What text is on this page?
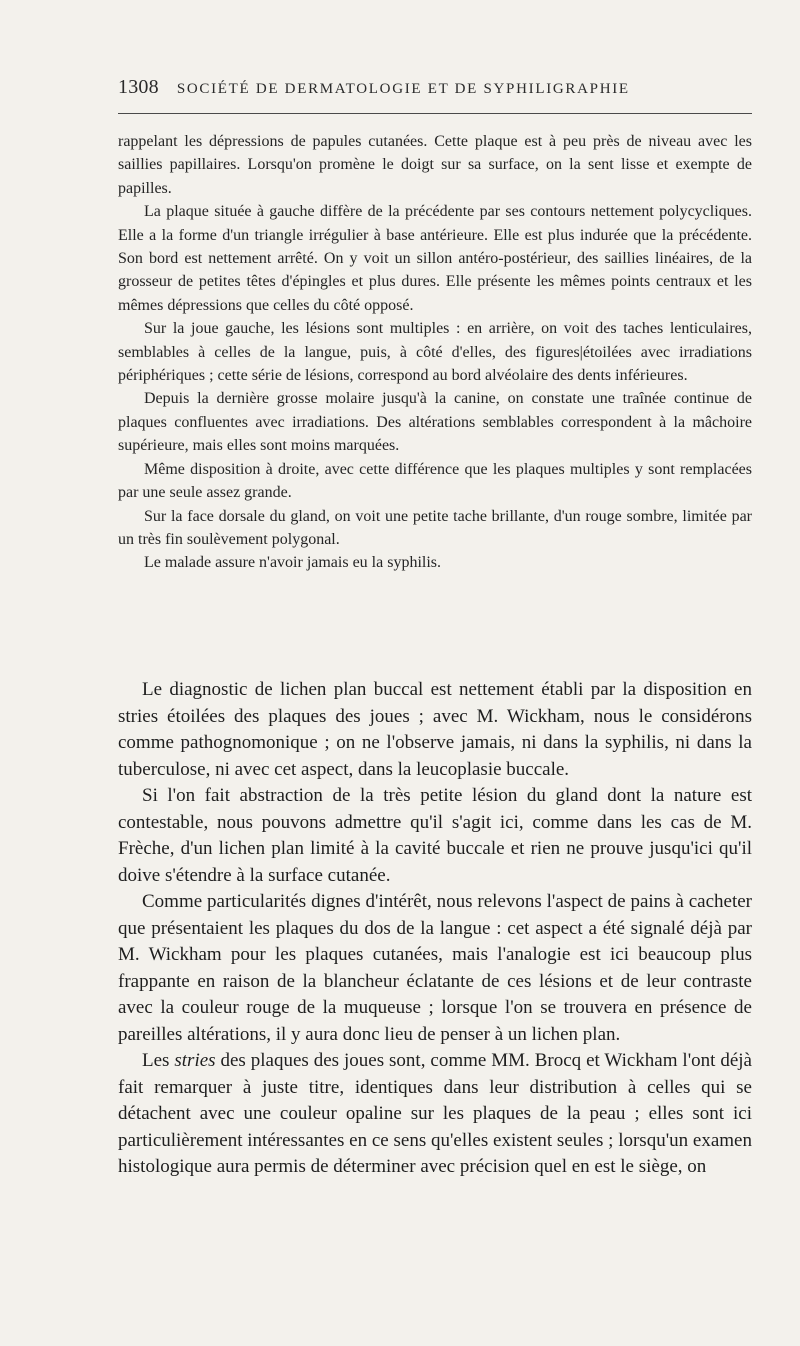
1308 SOCIÉTÉ DE DERMATOLOGIE ET DE SYPHILIGRAPHIE

rappelant les dépressions de papules cutanées. Cette plaque est à peu près de niveau avec les saillies papillaires. Lorsqu'on promène le doigt sur sa surface, on la sent lisse et exempte de papilles.

La plaque située à gauche diffère de la précédente par ses contours nettement polycycliques. Elle a la forme d'un triangle irrégulier à base antérieure. Elle est plus indurée que la précédente. Son bord est nettement arrêté. On y voit un sillon antéro-postérieur, des saillies linéaires, de la grosseur de petites têtes d'épingles et plus dures. Elle présente les mêmes points centraux et les mêmes dépressions que celles du côté opposé.

Sur la joue gauche, les lésions sont multiples : en arrière, on voit des taches lenticulaires, semblables à celles de la langue, puis, à côté d'elles, des figures|étoilées avec irradiations périphériques ; cette série de lésions, correspond au bord alvéolaire des dents inférieures.

Depuis la dernière grosse molaire jusqu'à la canine, on constate une traînée continue de plaques confluentes avec irradiations. Des altérations semblables correspondent à la mâchoire supérieure, mais elles sont moins marquées.

Même disposition à droite, avec cette différence que les plaques multiples y sont remplacées par une seule assez grande.

Sur la face dorsale du gland, on voit une petite tache brillante, d'un rouge sombre, limitée par un très fin soulèvement polygonal.

Le malade assure n'avoir jamais eu la syphilis.

Le diagnostic de lichen plan buccal est nettement établi par la disposition en stries étoilées des plaques des joues ; avec M. Wickham, nous le considérons comme pathognomonique ; on ne l'observe jamais, ni dans la syphilis, ni dans la tuberculose, ni avec cet aspect, dans la leucoplasie buccale.

Si l'on fait abstraction de la très petite lésion du gland dont la nature est contestable, nous pouvons admettre qu'il s'agit ici, comme dans les cas de M. Frèche, d'un lichen plan limité à la cavité buccale et rien ne prouve jusqu'ici qu'il doive s'étendre à la surface cutanée.

Comme particularités dignes d'intérêt, nous relevons l'aspect de pains à cacheter que présentaient les plaques du dos de la langue : cet aspect a été signalé déjà par M. Wickham pour les plaques cutanées, mais l'analogie est ici beaucoup plus frappante en raison de la blancheur éclatante de ces lésions et de leur contraste avec la couleur rouge de la muqueuse ; lorsque l'on se trouvera en présence de pareilles altérations, il y aura donc lieu de penser à un lichen plan.

Les stries des plaques des joues sont, comme MM. Brocq et Wickham l'ont déjà fait remarquer à juste titre, identiques dans leur distribution à celles qui se détachent avec une couleur opaline sur les plaques de la peau ; elles sont ici particulièrement intéressantes en ce sens qu'elles existent seules ; lorsqu'un examen histologique aura permis de déterminer avec précision quel en est le siège, on
